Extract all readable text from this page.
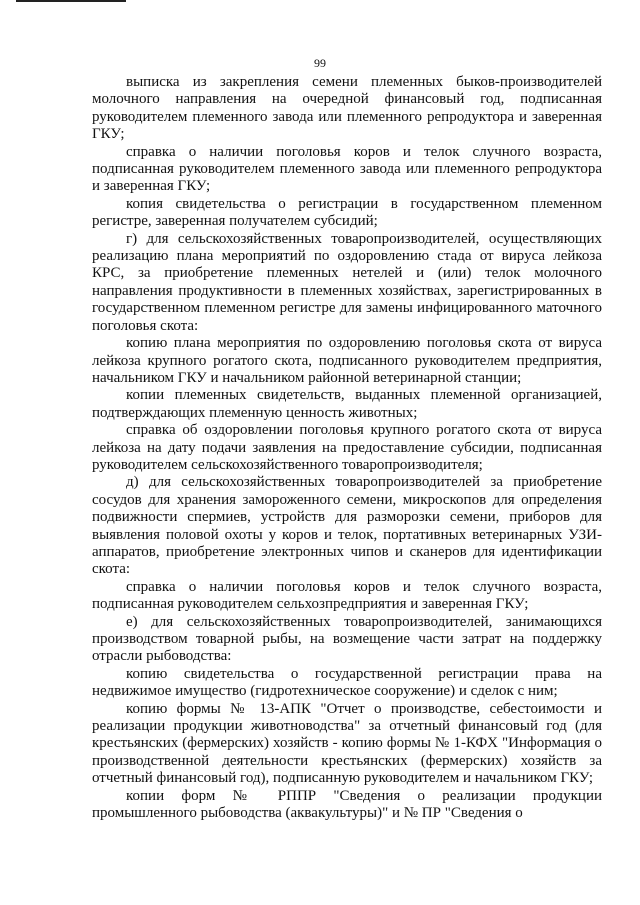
99

выписка из закрепления семени племенных быков-производителей молочного направления на очередной финансовый год, подписанная руководителем племенного завода или племенного репродуктора и заверенная ГКУ;

справка о наличии поголовья коров и телок случного возраста, подписанная руководителем племенного завода или племенного репродуктора и заверенная ГКУ;

копия свидетельства о регистрации в государственном племенном регистре, заверенная получателем субсидий;

г) для сельскохозяйственных товаропроизводителей, осуществляющих реализацию плана мероприятий по оздоровлению стада от вируса лейкоза КРС, за приобретение племенных нетелей и (или) телок молочного направления продуктивности в племенных хозяйствах, зарегистрированных в государственном племенном регистре для замены инфицированного маточного поголовья скота:

копию плана мероприятия по оздоровлению поголовья скота от вируса лейкоза крупного рогатого скота, подписанного руководителем предприятия, начальником ГКУ и начальником районной ветеринарной станции;

копии племенных свидетельств, выданных племенной организацией, подтверждающих племенную ценность животных;

справка об оздоровлении поголовья крупного рогатого скота от вируса лейкоза на дату подачи заявления на предоставление субсидии, подписанная руководителем сельскохозяйственного товаропроизводителя;

д) для сельскохозяйственных товаропроизводителей за приобретение сосудов для хранения замороженного семени, микроскопов для определения подвижности спермиев, устройств для разморозки семени, приборов для выявления половой охоты у коров и телок, портативных ветеринарных УЗИ-аппаратов, приобретение электронных чипов и сканеров для идентификации скота:

справка о наличии поголовья коров и телок случного возраста, подписанная руководителем сельхозпредприятия и заверенная ГКУ;

е) для сельскохозяйственных товаропроизводителей, занимающихся производством товарной рыбы, на возмещение части затрат на поддержку отрасли рыбоводства:

копию свидетельства о государственной регистрации права на недвижимое имущество (гидротехническое сооружение) и сделок с ним;

копию формы № 13-АПК "Отчет о производстве, себестоимости и реализации продукции животноводства" за отчетный финансовый год (для крестьянских (фермерских) хозяйств - копию формы № 1-КФХ "Информация о производственной деятельности крестьянских (фермерских) хозяйств за отчетный финансовый год), подписанную руководителем и начальником ГКУ;

копии форм № РППР "Сведения о реализации продукции промышленного рыбоводства (аквакультуры)" и № ПР "Сведения о
